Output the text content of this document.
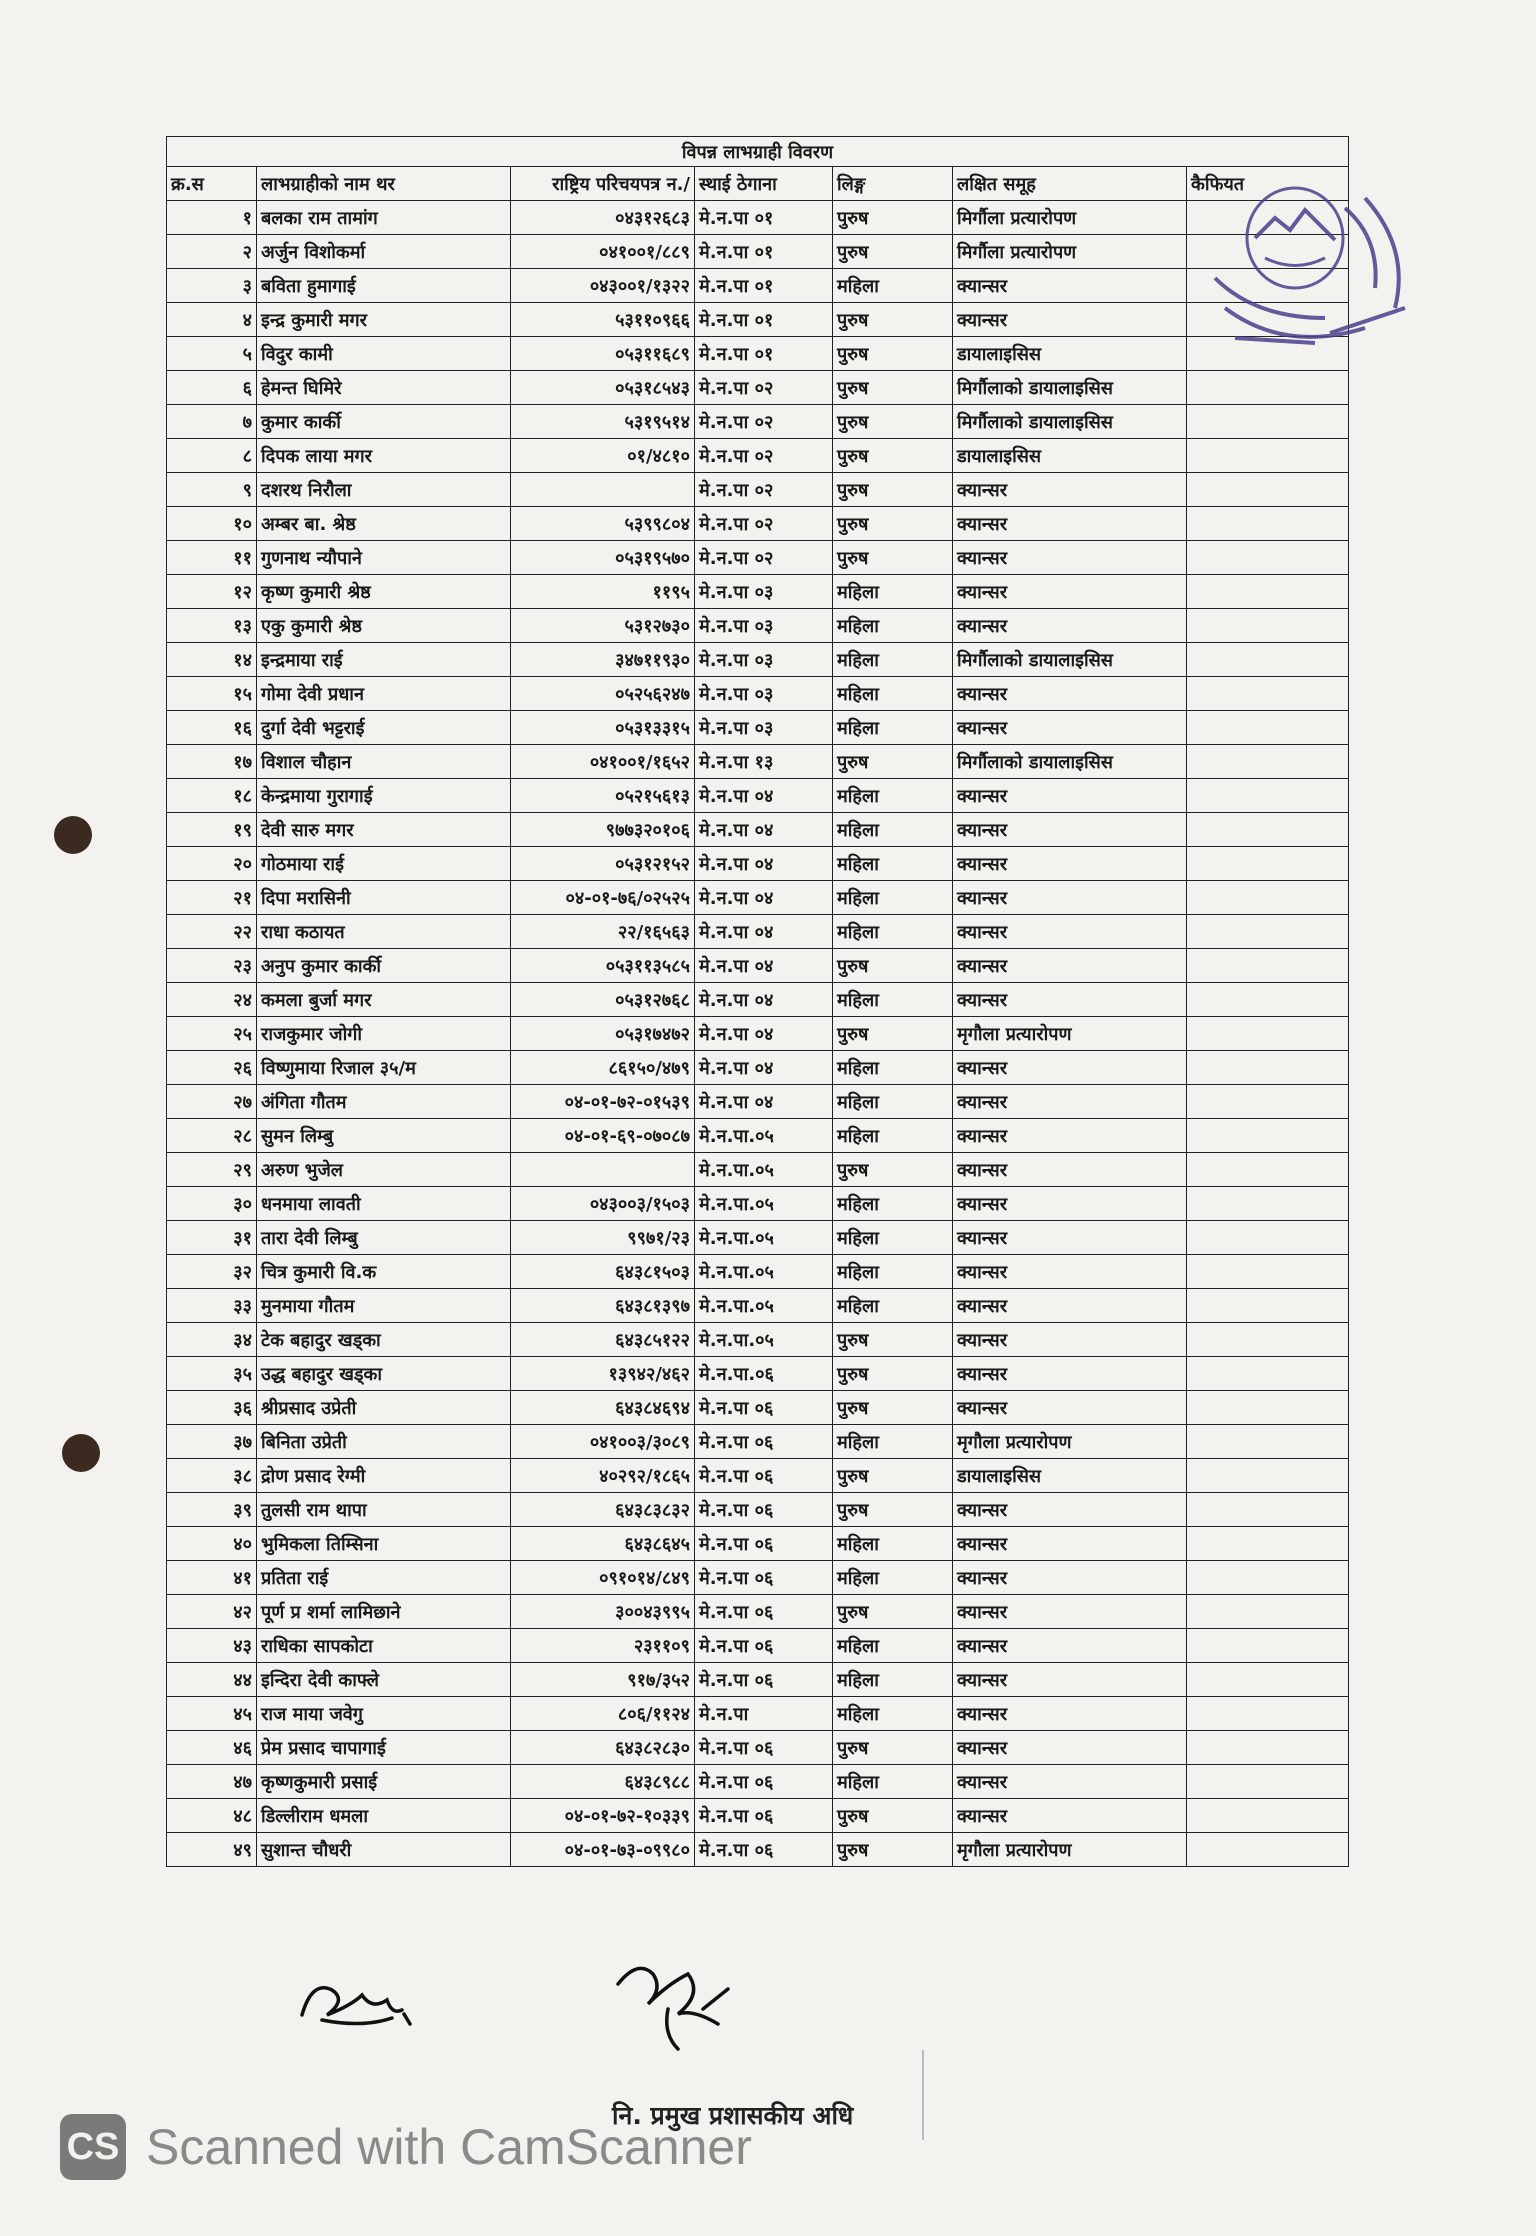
विपन्न लाभग्राही विवरण						
क्र.स	लाभग्राहीको नाम थर	राष्ट्रिय परिचयपत्र न./	स्थाई ठेगाना	लिङ्ग	लक्षित समूह	कैफियत
१	बलका राम तामांग	०४३१२६८३	मे.न.पा ०१	पुरुष	मिर्गौला प्रत्यारोपण	
२	अर्जुन विशोकर्मा	०४१००१/८८९	मे.न.पा ०१	पुरुष	मिर्गौला प्रत्यारोपण	
३	बविता हुमागाई	०४३००१/१३२२	मे.न.पा ०१	महिला	क्यान्सर	
४	इन्द्र कुमारी मगर	५३११०९६६	मे.न.पा ०१	पुरुष	क्यान्सर	
५	विदुर कामी	०५३११६८९	मे.न.पा ०१	पुरुष	डायालाइसिस	
६	हेमन्त घिमिरे	०५३१८५४३	मे.न.पा ०२	पुरुष	मिर्गौलाको डायालाइसिस	
७	कुमार कार्की	५३१९५१४	मे.न.पा ०२	पुरुष	मिर्गौलाको डायालाइसिस	
८	दिपक लाया मगर	०१/४८१०	मे.न.पा ०२	पुरुष	डायालाइसिस	
९	दशरथ निरौला		मे.न.पा ०२	पुरुष	क्यान्सर	
१०	अम्बर बा. श्रेष्ठ	५३९९८०४	मे.न.पा ०२	पुरुष	क्यान्सर	
११	गुणनाथ न्यौपाने	०५३१९५७०	मे.न.पा ०२	पुरुष	क्यान्सर	
१२	कृष्ण कुमारी श्रेष्ठ	११९५	मे.न.पा ०३	महिला	क्यान्सर	
१३	एकु कुमारी श्रेष्ठ	५३१२७३०	मे.न.पा ०३	महिला	क्यान्सर	
१४	इन्द्रमाया राई	३४७११९३०	मे.न.पा ०३	महिला	मिर्गौलाको डायालाइसिस	
१५	गोमा देवी प्रधान	०५२५६२४७	मे.न.पा ०३	महिला	क्यान्सर	
१६	दुर्गा देवी भट्टराई	०५३१३३१५	मे.न.पा ०३	महिला	क्यान्सर	
१७	विशाल चौहान	०४१००१/१६५२	मे.न.पा १३	पुरुष	मिर्गौलाको डायालाइसिस	
१८	केन्द्रमाया गुरागाई	०५२१५६१३	मे.न.पा ०४	महिला	क्यान्सर	
१९	देवी सारु मगर	९७७३२०१०६	मे.न.पा ०४	महिला	क्यान्सर	
२०	गोठमाया राई	०५३१२१५२	मे.न.पा ०४	महिला	क्यान्सर	
२१	दिपा मरासिनी	०४-०१-७६/०२५२५	मे.न.पा ०४	महिला	क्यान्सर	
२२	राधा कठायत	२२/१६५६३	मे.न.पा ०४	महिला	क्यान्सर	
२३	अनुप कुमार कार्की	०५३११३५८५	मे.न.पा ०४	पुरुष	क्यान्सर	
२४	कमला बुर्जा मगर	०५३१२७६८	मे.न.पा ०४	महिला	क्यान्सर	
२५	राजकुमार जोगी	०५३१७४७२	मे.न.पा ०४	पुरुष	मृगौला प्रत्यारोपण	
२६	विष्णुमाया रिजाल ३५/म	८६१५०/४७९	मे.न.पा ०४	महिला	क्यान्सर	
२७	अंगिता गौतम	०४-०१-७२-०१५३९	मे.न.पा ०४	महिला	क्यान्सर	
२८	सुमन लिम्बु	०४-०१-६९-०७०८७	मे.न.पा.०५	महिला	क्यान्सर	
२९	अरुण भुजेल		मे.न.पा.०५	पुरुष	क्यान्सर	
३०	धनमाया लावती	०४३००३/१५०३	मे.न.पा.०५	महिला	क्यान्सर	
३१	तारा देवी लिम्बु	९९७१/२३	मे.न.पा.०५	महिला	क्यान्सर	
३२	चित्र कुमारी वि.क	६४३८१५०३	मे.न.पा.०५	महिला	क्यान्सर	
३३	मुनमाया गौतम	६४३८१३९७	मे.न.पा.०५	महिला	क्यान्सर	
३४	टेक बहादुर खड्का	६४३८५१२२	मे.न.पा.०५	पुरुष	क्यान्सर	
३५	उद्ध बहादुर खड्का	१३९४२/४६२	मे.न.पा.०६	पुरुष	क्यान्सर	
३६	श्रीप्रसाद उप्रेती	६४३८४६९४	मे.न.पा ०६	पुरुष	क्यान्सर	
३७	बिनिता उप्रेती	०४१००३/३०८९	मे.न.पा ०६	महिला	मृगौला प्रत्यारोपण	
३८	द्रोण प्रसाद रेग्मी	४०२९२/१८६५	मे.न.पा ०६	पुरुष	डायालाइसिस	
३९	तुलसी राम थापा	६४३८३८३२	मे.न.पा ०६	पुरुष	क्यान्सर	
४०	भुमिकला तिम्सिना	६४३८६४५	मे.न.पा ०६	महिला	क्यान्सर	
४१	प्रतिता राई	०९१०१४/८४९	मे.न.पा ०६	महिला	क्यान्सर	
४२	पूर्ण प्र शर्मा लामिछाने	३००४३९९५	मे.न.पा ०६	पुरुष	क्यान्सर	
४३	राधिका सापकोटा	२३११०९	मे.न.पा ०६	महिला	क्यान्सर	
४४	इन्दिरा देवी काफ्ले	९१७/३५२	मे.न.पा ०६	महिला	क्यान्सर	
४५	राज माया जवेगु	८०६/११२४	मे.न.पा	महिला	क्यान्सर	
४६	प्रेम प्रसाद चापागाई	६४३८२८३०	मे.न.पा ०६	पुरुष	क्यान्सर	
४७	कृष्णकुमारी प्रसाई	६४३८९८८	मे.न.पा ०६	महिला	क्यान्सर	
४८	डिल्लीराम धमला	०४-०१-७२-१०३३९	मे.न.पा ०६	पुरुष	क्यान्सर	
४९	सुशान्त चौधरी	०४-०१-७३-०९९८०	मे.न.पा ०६	पुरुष	मृगौला प्रत्यारोपण	
नि. प्रमुख प्रशासकीय अधि
CS Scanned with CamScanner
